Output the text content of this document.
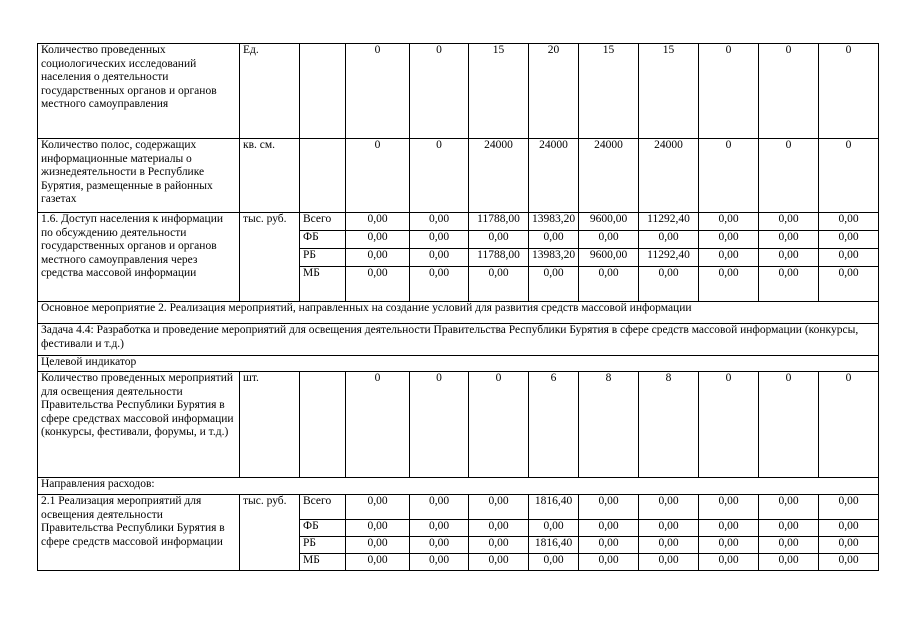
Количество проведенных социологических исследований населения о деятельности государственных органов и органов местного самоуправления	Ед.		0	0	15	20	15	15	0	0	0
Количество полос, содержащих информационные материалы о жизнедеятельности в Республике Бурятия, размещенные в районных газетах	кв. см.		0	0	24000	24000	24000	24000	0	0	0
1.6. Доступ населения к информации по обсуждению деятельности государственных органов и органов местного самоуправления через средства массовой информации	тыс. руб.	Всего	0,00	0,00	11788,00	13983,20	9600,00	11292,40	0,00	0,00	0,00
		ФБ	0,00	0,00	0,00	0,00	0,00	0,00	0,00	0,00	0,00
		РБ	0,00	0,00	11788,00	13983,20	9600,00	11292,40	0,00	0,00	0,00
		МБ	0,00	0,00	0,00	0,00	0,00	0,00	0,00	0,00	0,00
Основное мероприятие 2. Реализация мероприятий, направленных на создание условий для развития средств массовой информации											
Задача 4.4: Разработка и проведение мероприятий для освещения деятельности Правительства Республики Бурятия в сфере средств массовой информации (конкурсы, фестивали и т.д.)											
Целевой индикатор											
Количество проведенных мероприятий для освещения деятельности Правительства Республики Бурятия в сфере средствах массовой информации (конкурсы, фестивали, форумы, и т.д.)	шт.		0	0	0	6	8	8	0	0	0
Направления расходов:											
2.1 Реализация мероприятий для освещения деятельности Правительства Республики Бурятия в сфере средств массовой информации	тыс. руб.	Всего	0,00	0,00	0,00	1816,40	0,00	0,00	0,00	0,00	0,00
		ФБ	0,00	0,00	0,00	0,00	0,00	0,00	0,00	0,00	0,00
		РБ	0,00	0,00	0,00	1816,40	0,00	0,00	0,00	0,00	0,00
		МБ	0,00	0,00	0,00	0,00	0,00	0,00	0,00	0,00	0,00
